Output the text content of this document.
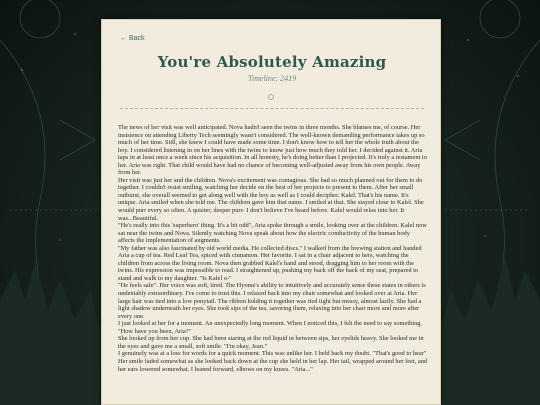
← Back
You're Absolutely Amazing
Timeline: 2419

The news of her visit was well anticipated. Nova hadn't seen the twins in three months. She blames me, of course. Her insistence on attending Liberty Tech seemingly wasn't considered. The well-known demanding performance takes up so much of her time. Still, she knew I could have made some time. I don't know how to tell her the whole truth about the boy. I considered listening in on her lines with the twins to know just how much they told her. I decided against it. Aria taps in at least once a week since his acquisition. In all honesty, he's doing better than I projected. It's truly a testament to her. Aria was right. That child would have had no chance of becoming well-adjusted away from his own people. Away from her.

Her visit was just her and the children. Nova's excitement was contagious. She had so much planned out for them to do together. I couldn't resist smiling, watching her decide on the best of her projects to present to them. After her small outburst, she overall seemed to get along well with the boy as well as I could decipher. Kalel. That's his name. It's unique. Aria smiled when she told me. The children gave him that name. I smiled at that. She stayed close to Kalel. She would purr every so often. A quieter, deeper purr- I don't believe I've heard before. Kalel would relax into her. It was...Beautiful.

"He's really into this 'superhero' thing. It's a bit odd", Aria spoke through a smile, looking over at the children. Kalel now sat near the twins and Nova. Silently watching Nova speak about how the electric conductivity of the human body affects the implementation of augments.

"My father was also fascinated by old world media. He collected discs." I walked from the brewing station and handed Aria a cup of tea. Red Leaf Tea, spiced with cinnamon. Her favorite. I sat in a chair adjacent to hers, watching the children from across the living room. Nova then grabbed Kalel's hand and stood, dragging him to her room with the twins. His expression was impossible to read. I straightened up, pushing my back off the back of my seat, prepared to stand and walk to my daughter. "Is Kalel o-"

"He feels safe". Her voice was soft, tired. The Hyome's ability to intuitively and accurately sense these states in others is undeniably extraordinary. I've come to trust this. I relaxed back into my chair somewhat and looked over at Aria. Her large hair was tied into a low ponytail. The ribbon holding it together was tied tight but messy, almost lazily. She had a light shadow underneath her eyes. She took sips of the tea, savoring them, relaxing into her chair more and more after every one.

I just looked at her for a moment. An unexpectedly long moment. When I noticed this, I felt the need to say something. "How have you been, Aria?"

She looked up from her cup. She had been staring at the red liquid in between sips, her eyelids heavy. She looked me in the eyes and gave me a small, soft smile. "I'm okay, Jean."

I genuinely was at a loss for words for a quick moment. This was unlike her. I held back my doubt. "That's good to hear"

Her smile faded somewhat as she looked back down at the cup she held in her lap. Her tail, wrapped around her feet, and her ears lowered somewhat. I leaned forward, elbows on my knees. "Aria..."
